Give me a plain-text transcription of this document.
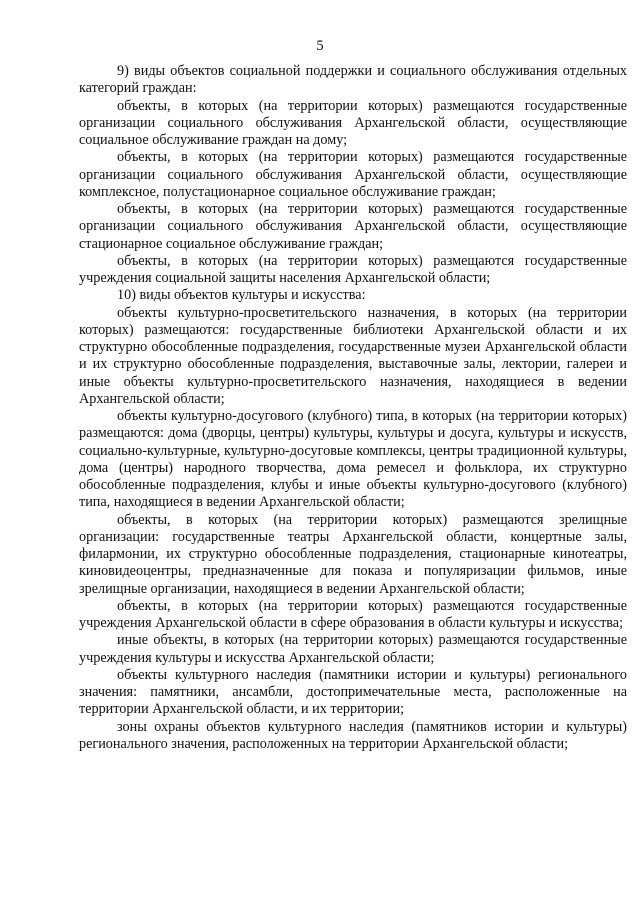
5

9) виды объектов социальной поддержки и социального обслуживания отдельных категорий граждан:

объекты, в которых (на территории которых) размещаются государственные организации социального обслуживания Архангельской области, осуществляющие социальное обслуживание граждан на дому;

объекты, в которых (на территории которых) размещаются государственные организации социального обслуживания Архангельской области, осуществляющие комплексное, полустационарное социальное обслуживание граждан;

объекты, в которых (на территории которых) размещаются государственные организации социального обслуживания Архангельской области, осуществляющие стационарное социальное обслуживание граждан;

объекты, в которых (на территории которых) размещаются государственные учреждения социальной защиты населения Архангельской области;

10) виды объектов культуры и искусства:

объекты культурно-просветительского назначения, в которых (на территории которых) размещаются: государственные библиотеки Архангельской области и их структурно обособленные подразделения, государственные музеи Архангельской области и их структурно обособленные подразделения, выставочные залы, лектории, галереи и иные объекты культурно-просветительского назначения, находящиеся в ведении Архангельской области;

объекты культурно-досугового (клубного) типа, в которых (на территории которых) размещаются: дома (дворцы, центры) культуры, культуры и досуга, культуры и искусств, социально-культурные, культурно-досуговые комплексы, центры традиционной культуры, дома (центры) народного творчества, дома ремесел и фольклора, их структурно обособленные подразделения, клубы и иные объекты культурно-досугового (клубного) типа, находящиеся в ведении Архангельской области;

объекты, в которых (на территории которых) размещаются зрелищные организации: государственные театры Архангельской области, концертные залы, филармонии, их структурно обособленные подразделения, стационарные кинотеатры, киновидеоцентры, предназначенные для показа и популяризации фильмов, иные зрелищные организации, находящиеся в ведении Архангельской области;

объекты, в которых (на территории которых) размещаются государственные учреждения Архангельской области в сфере образования в области культуры и искусства;

иные объекты, в которых (на территории которых) размещаются государственные учреждения культуры и искусства Архангельской области;

объекты культурного наследия (памятники истории и культуры) регионального значения: памятники, ансамбли, достопримечательные места, расположенные на территории Архангельской области, и их территории;

зоны охраны объектов культурного наследия (памятников истории и культуры) регионального значения, расположенных на территории Архангельской области;
